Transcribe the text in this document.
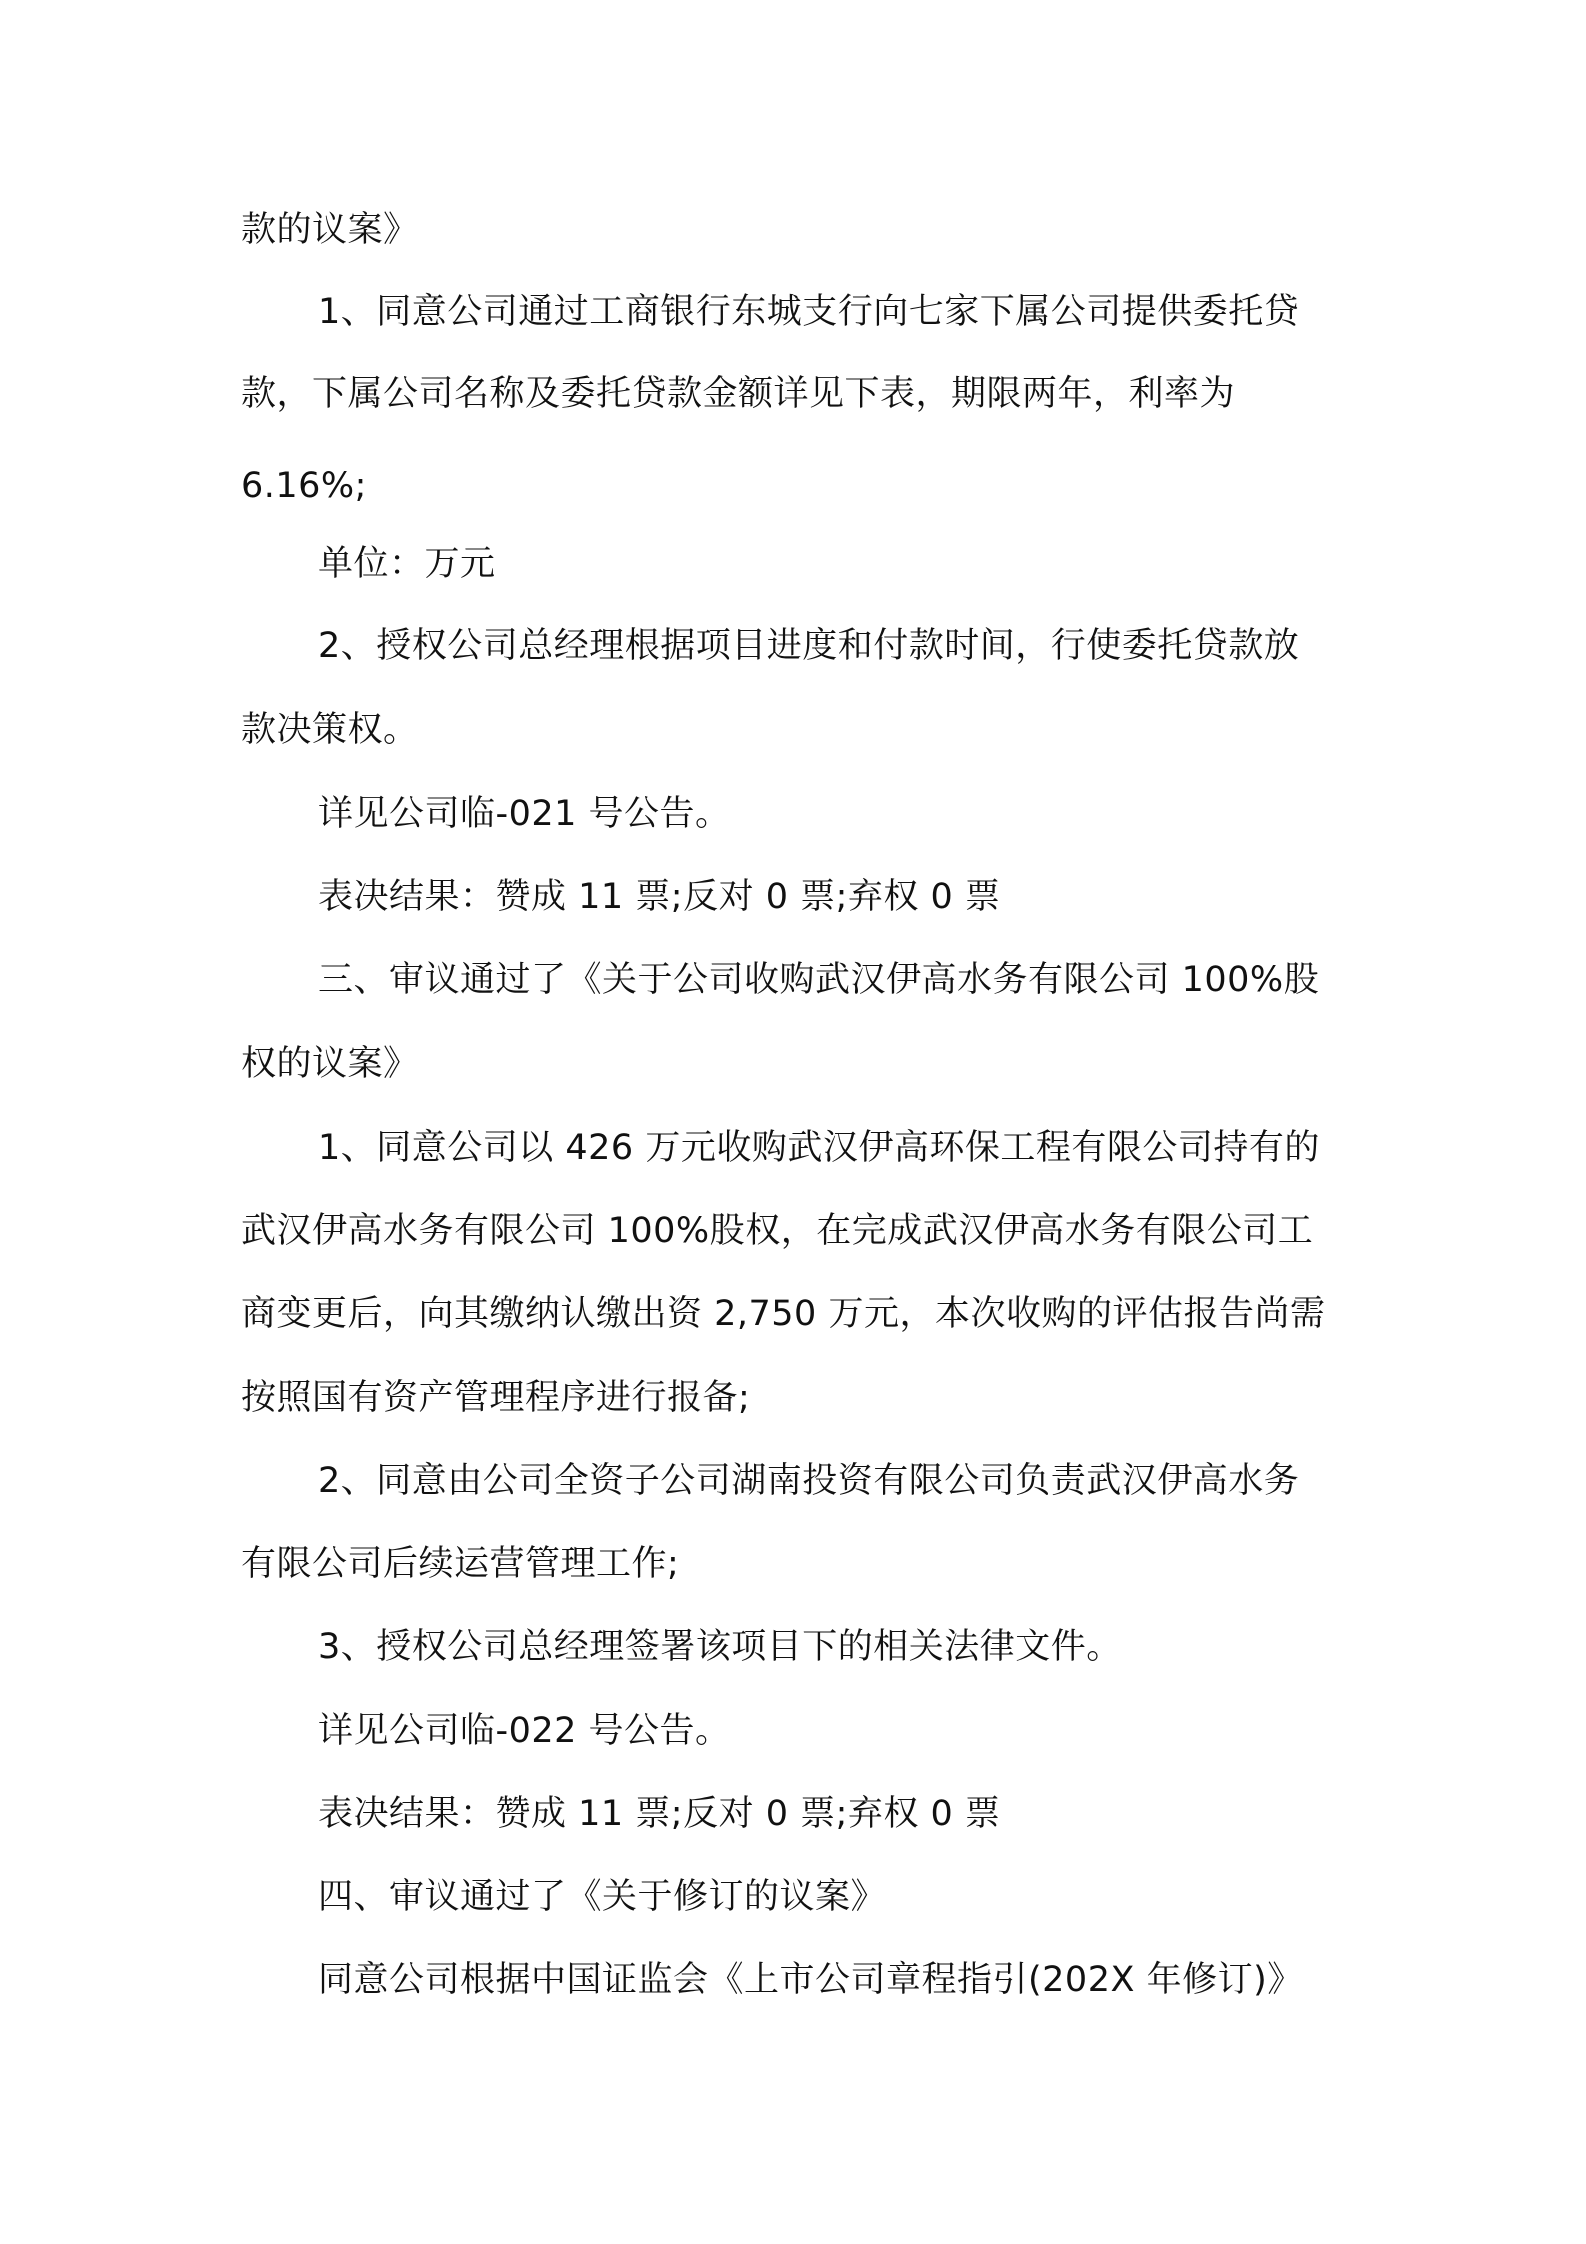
款的议案》
1、同意公司通过工商银行东城支行向七家下属公司提供委托贷
款，下属公司名称及委托贷款金额详见下表，期限两年，利率为
6.16%;
单位：万元
2、授权公司总经理根据项目进度和付款时间，行使委托贷款放
款决策权。
详见公司临-021 号公告。
表决结果：赞成 11 票;反对 0 票;弃权 0 票
三、审议通过了《关于公司收购武汉伊高水务有限公司 100%股
权的议案》
1、同意公司以 426 万元收购武汉伊高环保工程有限公司持有的
武汉伊高水务有限公司 100%股权，在完成武汉伊高水务有限公司工
商变更后，向其缴纳认缴出资 2,750 万元，本次收购的评估报告尚需
按照国有资产管理程序进行报备;
2、同意由公司全资子公司湖南投资有限公司负责武汉伊高水务
有限公司后续运营管理工作;
3、授权公司总经理签署该项目下的相关法律文件。
详见公司临-022 号公告。
表决结果：赞成 11 票;反对 0 票;弃权 0 票
四、审议通过了《关于修订的议案》
同意公司根据中国证监会《上市公司章程指引(202X 年修订)》
